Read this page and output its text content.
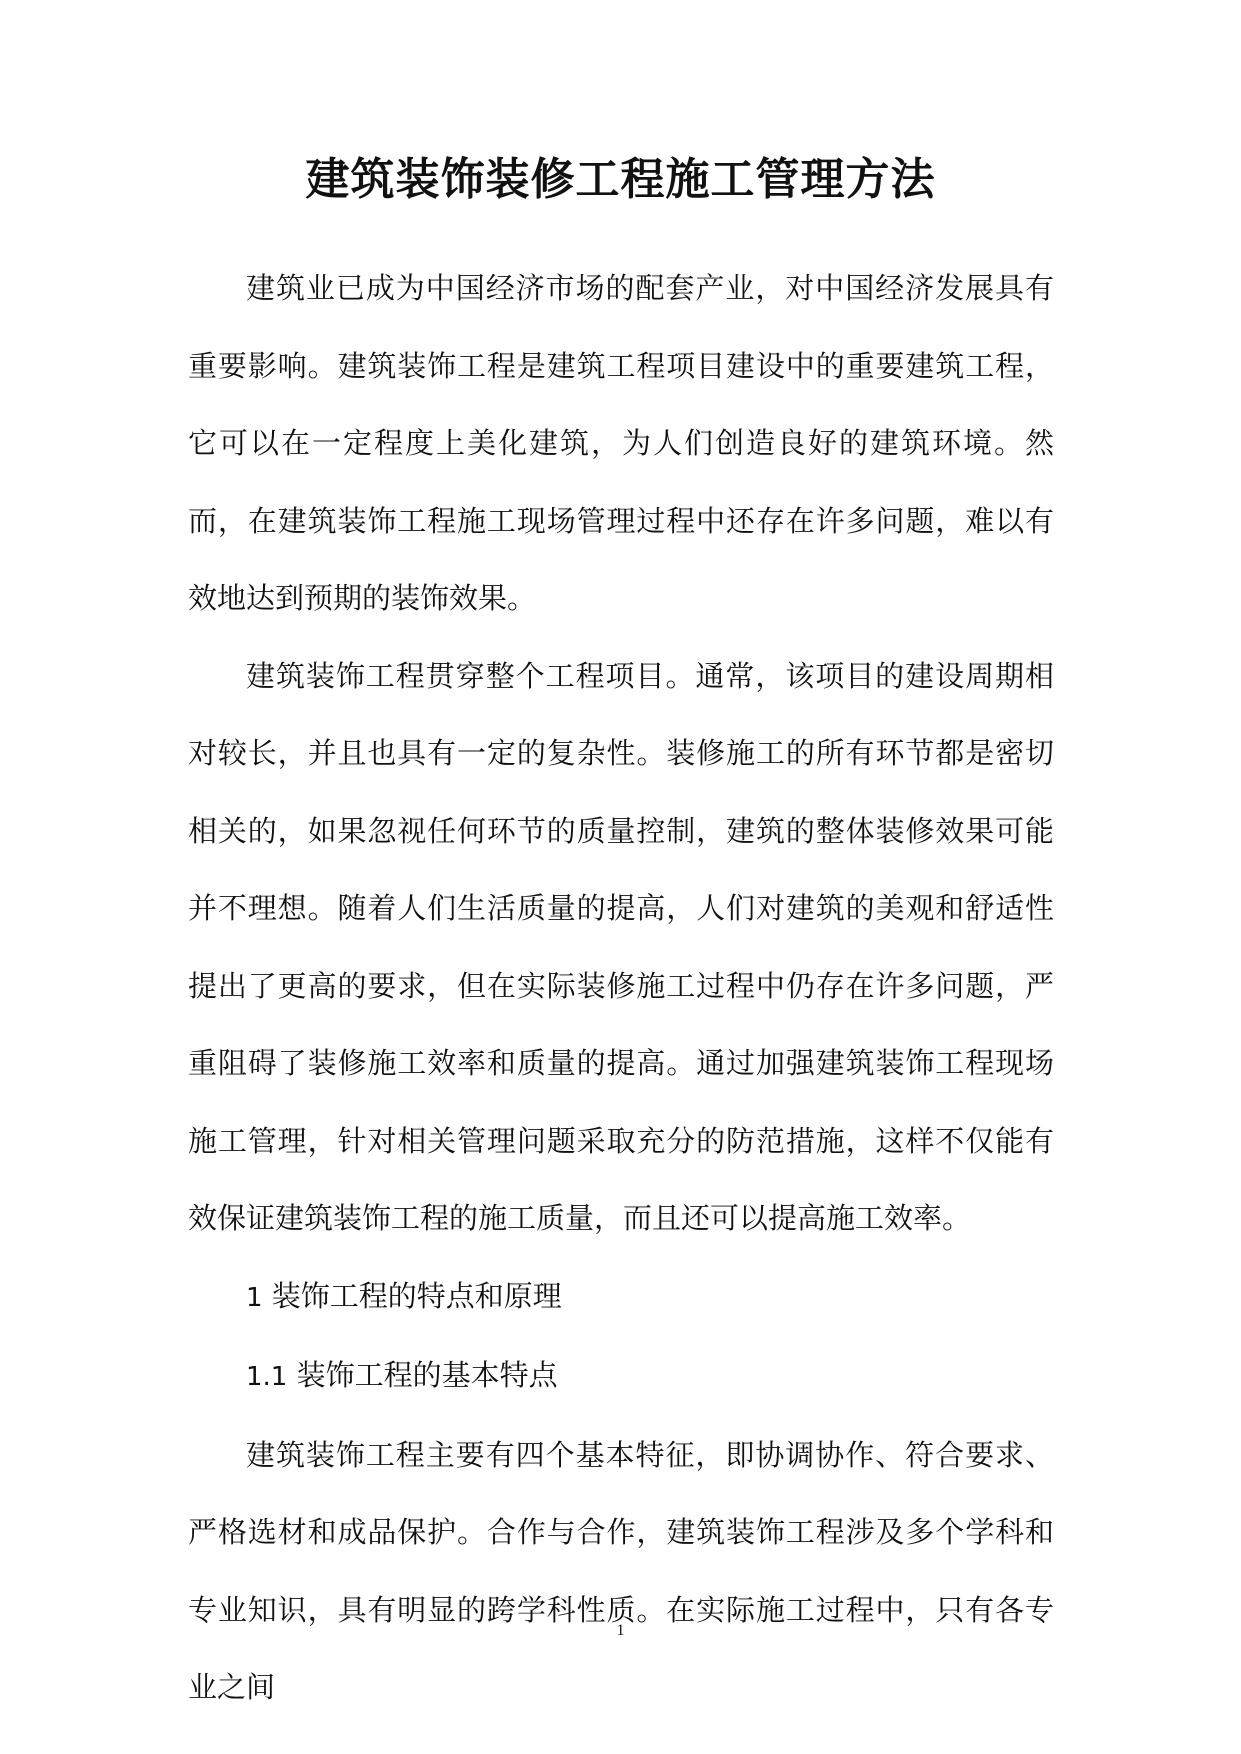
建筑装饰装修工程施工管理方法

建筑业已成为中国经济市场的配套产业，对中国经济发展具有重要影响。建筑装饰工程是建筑工程项目建设中的重要建筑工程，它可以在一定程度上美化建筑，为人们创造良好的建筑环境。然而，在建筑装饰工程施工现场管理过程中还存在许多问题，难以有效地达到预期的装饰效果。

建筑装饰工程贯穿整个工程项目。通常，该项目的建设周期相对较长，并且也具有一定的复杂性。装修施工的所有环节都是密切相关的，如果忽视任何环节的质量控制，建筑的整体装修效果可能并不理想。随着人们生活质量的提高，人们对建筑的美观和舒适性提出了更高的要求，但在实际装修施工过程中仍存在许多问题，严重阻碍了装修施工效率和质量的提高。通过加强建筑装饰工程现场施工管理，针对相关管理问题采取充分的防范措施，这样不仅能有效保证建筑装饰工程的施工质量，而且还可以提高施工效率。

1 装饰工程的特点和原理

1.1 装饰工程的基本特点

建筑装饰工程主要有四个基本特征，即协调协作、符合要求、严格选材和成品保护。合作与合作，建筑装饰工程涉及多个学科和专业知识，具有明显的跨学科性质。在实际施工过程中，只有各专业之间

1
